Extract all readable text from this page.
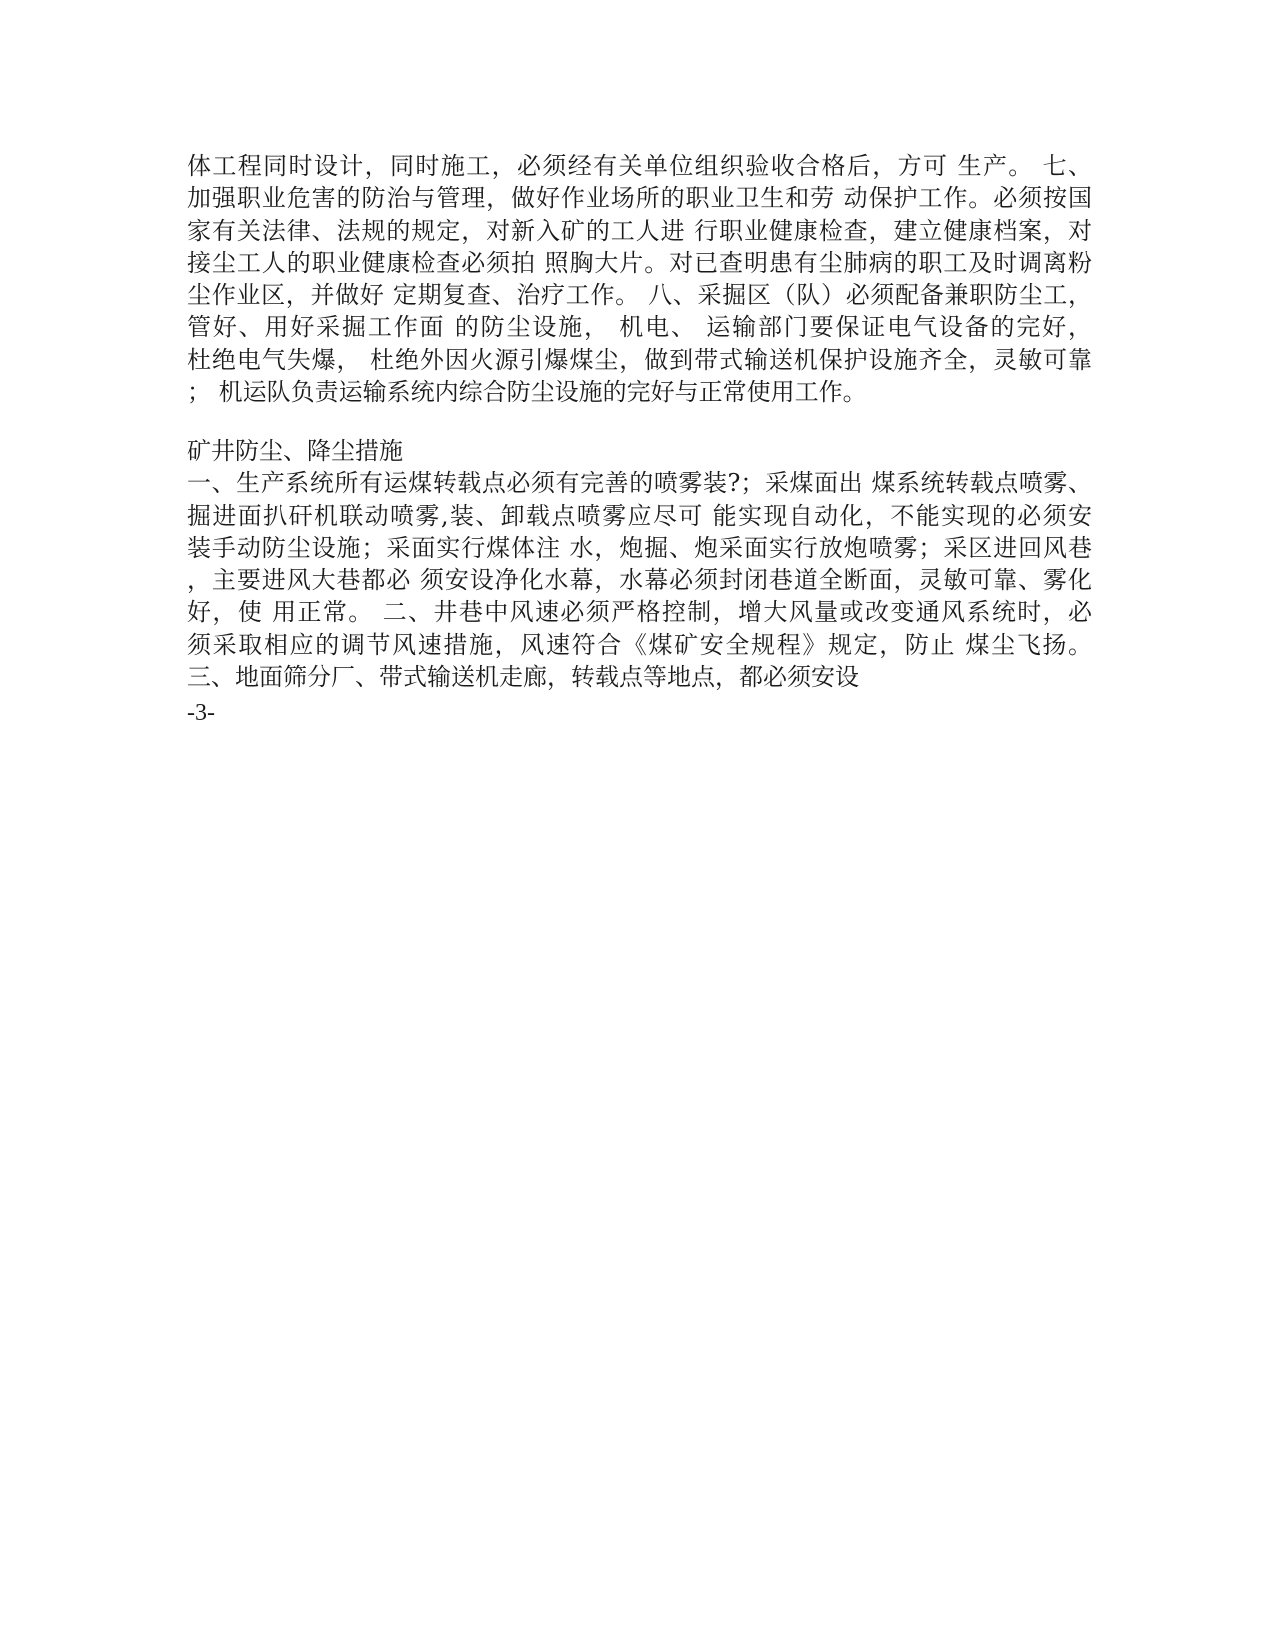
体工程同时设计，同时施工，必须经有关单位组织验收合格后，方可 生产。 七、
加强职业危害的防治与管理，做好作业场所的职业卫生和劳 动保护工作。必须按国
家有关法律、法规的规定，对新入矿的工人进 行职业健康检查，建立健康档案，对
接尘工人的职业健康检查必须拍 照胸大片。对已查明患有尘肺病的职工及时调离粉
尘作业区，并做好 定期复查、治疗工作。 八、采掘区（队）必须配备兼职防尘工，
管好、用好采掘工作面 的防尘设施， 机电、 运输部门要保证电气设备的完好，
杜绝电气失爆， 杜绝外因火源引爆煤尘，做到带式输送机保护设施齐全，灵敏可靠
； 机运队负责运输系统内综合防尘设施的完好与正常使用工作。
矿井防尘、降尘措施
一、生产系统所有运煤转载点必须有完善的喷雾装?；采煤面出 煤系统转载点喷雾、
掘进面扒矸机联动喷雾,装、卸载点喷雾应尽可 能实现自动化，不能实现的必须安
装手动防尘设施；采面实行煤体注 水，炮掘、炮采面实行放炮喷雾；采区进回风巷
，主要进风大巷都必 须安设净化水幕，水幕必须封闭巷道全断面，灵敏可靠、雾化
好，使 用正常。 二、井巷中风速必须严格控制，增大风量或改变通风系统时，必
须采取相应的调节风速措施，风速符合《煤矿安全规程》规定，防止 煤尘飞扬。
三、地面筛分厂、带式输送机走廊，转载点等地点，都必须安设
-3-
